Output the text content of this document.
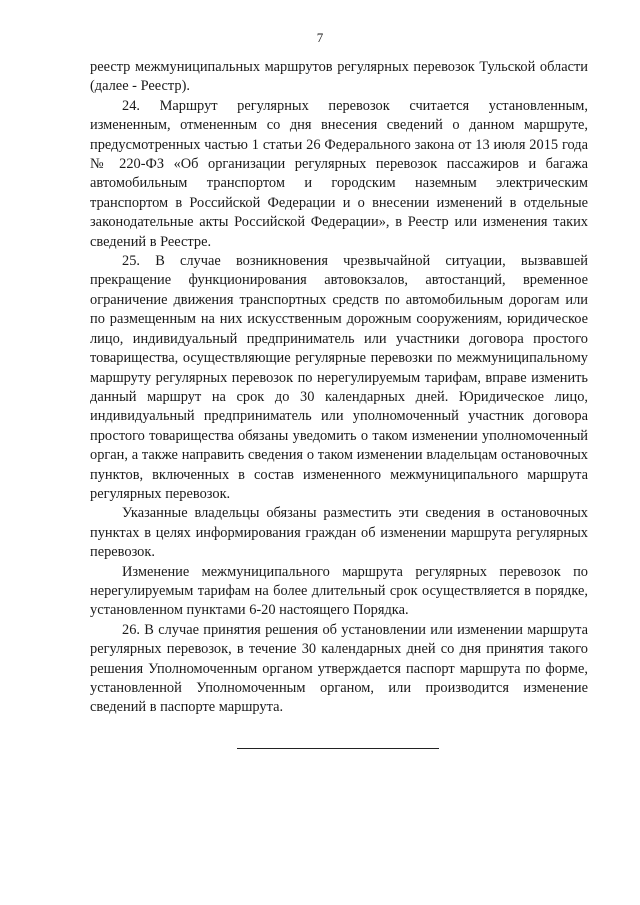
7

реестр межмуниципальных маршрутов регулярных перевозок Тульской области (далее - Реестр).

24. Маршрут регулярных перевозок считается установленным, измененным, отмененным со дня внесения сведений о данном маршруте, предусмотренных частью 1 статьи 26 Федерального закона от 13 июля 2015 года № 220-ФЗ «Об организации регулярных перевозок пассажиров и багажа автомобильным транспортом и городским наземным электрическим транспортом в Российской Федерации и о внесении изменений в отдельные законодательные акты Российской Федерации», в Реестр или изменения таких сведений в Реестре.

25. В случае возникновения чрезвычайной ситуации, вызвавшей прекращение функционирования автовокзалов, автостанций, временное ограничение движения транспортных средств по автомобильным дорогам или по размещенным на них искусственным дорожным сооружениям, юридическое лицо, индивидуальный предприниматель или участники договора простого товарищества, осуществляющие регулярные перевозки по межмуниципальному маршруту регулярных перевозок по нерегулируемым тарифам, вправе изменить данный маршрут на срок до 30 календарных дней. Юридическое лицо, индивидуальный предприниматель или уполномоченный участник договора простого товарищества обязаны уведомить о таком изменении уполномоченный орган, а также направить сведения о таком изменении владельцам остановочных пунктов, включенных в состав измененного межмуниципального маршрута регулярных перевозок.

Указанные владельцы обязаны разместить эти сведения в остановочных пунктах в целях информирования граждан об изменении маршрута регулярных перевозок.

Изменение межмуниципального маршрута регулярных перевозок по нерегулируемым тарифам на более длительный срок осуществляется в порядке, установленном пунктами 6-20 настоящего Порядка.

26. В случае принятия решения об установлении или изменении маршрута регулярных перевозок, в течение 30 календарных дней со дня принятия такого решения Уполномоченным органом утверждается паспорт маршрута по форме, установленной Уполномоченным органом, или производится изменение сведений в паспорте маршрута.
